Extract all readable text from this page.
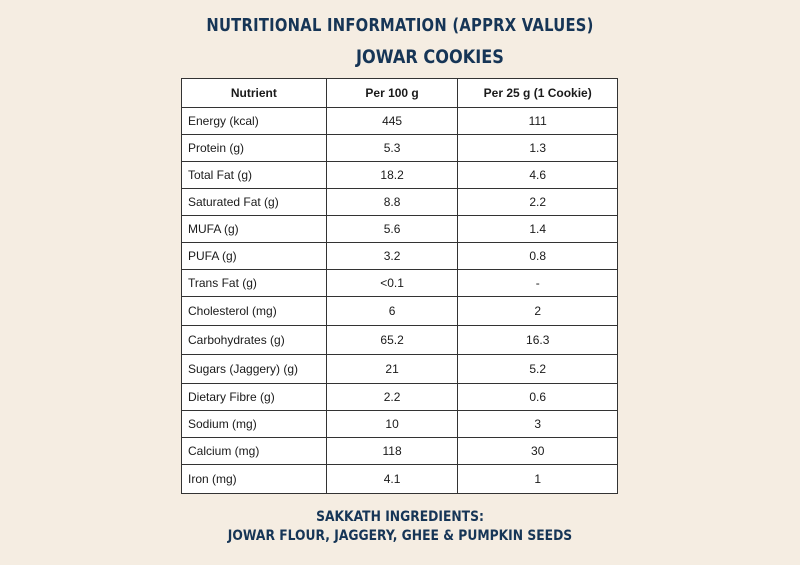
NUTRITIONAL INFORMATION (APPRX VALUES)
JOWAR COOKIES
Nutrient	Per 100 g	Per 25 g (1 Cookie)
Energy (kcal)	445	111
Protein (g)	5.3	1.3
Total Fat (g)	18.2	4.6
Saturated Fat (g)	8.8	2.2
MUFA (g)	5.6	1.4
PUFA (g)	3.2	0.8
Trans Fat (g)	<0.1	-
Cholesterol (mg)	6	2
Carbohydrates (g)	65.2	16.3
Sugars (Jaggery) (g)	21	5.2
Dietary Fibre (g)	2.2	0.6
Sodium (mg)	10	3
Calcium (mg)	118	30
Iron (mg)	4.1	1
SAKKATH INGREDIENTS:
JOWAR FLOUR, JAGGERY, GHEE & PUMPKIN SEEDS
